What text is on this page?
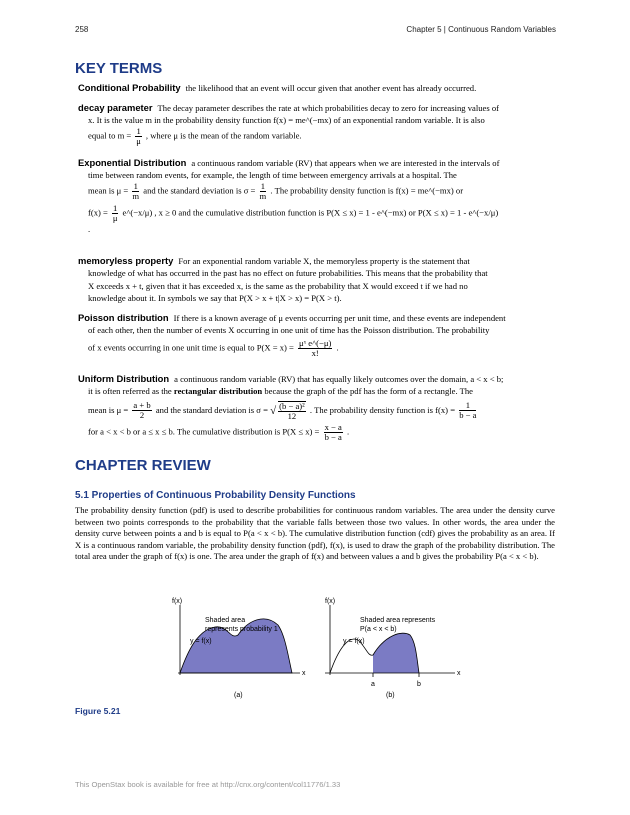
258	Chapter 5 | Continuous Random Variables
KEY TERMS
Conditional Probability the likelihood that an event will occur given that another event has already occurred.
decay parameter The decay parameter describes the rate at which probabilities decay to zero for increasing values of
x. It is the value m in the probability density function f(x) = me^(−mx) of an exponential random variable. It is also
equal to $m = \frac{1}{\mu}$ , where μ is the mean of the random variable.
Exponential Distribution a continuous random variable (RV) that appears when we are interested in the intervals of
time between random events, for example, the length of time between emergency arrivals at a hospital. The
mean is $\mu = \frac{1}{m}$ and the standard deviation is $\sigma = \frac{1}{m}$ . The probability density function is f(x) = me^(−mx) or
$f(x) = \frac{1}{\mu}$ e^(−x/μ) , x ≥ 0 and the cumulative distribution function is P(X ≤ x) = 1 - e^(−mx) or P(X ≤ x) = 1 - e^(−x/μ)
.
memoryless property For an exponential random variable X, the memoryless property is the statement that
knowledge of what has occurred in the past has no effect on future probabilities. This means that the probability that
X exceeds x + t, given that it has exceeded x, is the same as the probability that X would exceed t if we had no
knowledge about it. In symbols we say that P(X > x + t|X > x) = P(X > t).
Poisson distribution If there is a known average of μ events occurring per unit time, and these events are independent
of each other, then the number of events X occurring in one unit of time has the Poisson distribution. The probability
of x events occurring in one unit time is equal to $P(X = x) = \frac{\text{μˣ e\textasciicircum{}(−μ)}}{x!}$ .
Uniform Distribution a continuous random variable (RV) that has equally likely outcomes over the domain, a < x < b;
it is often referred as the rectangular distribution because the graph of the pdf has the form of a rectangle. The
mean is $\mu = \frac{a + b}{2}$ and the standard deviation is σ = √ $\frac{\text{(b − a)²}}{12}$ . The probability density function is $f(x) = \frac{1}{b - a}$
for a < x < b or a ≤ x ≤ b. The cumulative distribution is $P(X \le x) = \frac{x - a}{b - a}$ .
CHAPTER REVIEW
5.1 Properties of Continuous Probability Density Functions
The probability density function (pdf) is used to describe probabilities for continuous random variables. The area under the density curve between two points corresponds to the probability that the variable falls between those two values. In other words, the area under the density curve between points a and b is equal to P(a < x < b). The cumulative distribution function (cdf) gives the probability as an area. If X is a continuous random variable, the probability density function (pdf), f(x), is used to draw the graph of the probability distribution. The total area under the graph of f(x) is one. The area under the graph of f(x) and between values a and b gives the probability P(a < x < b).
f(x)
x
Shaded area
represents probability 1
y = f(x)
(a)
f(x)
x
Shaded area represents
P(a < x < b)
y = f(x)
a	b
(b)
Figure 5.21
This OpenStax book is available for free at http://cnx.org/content/col11776/1.33
